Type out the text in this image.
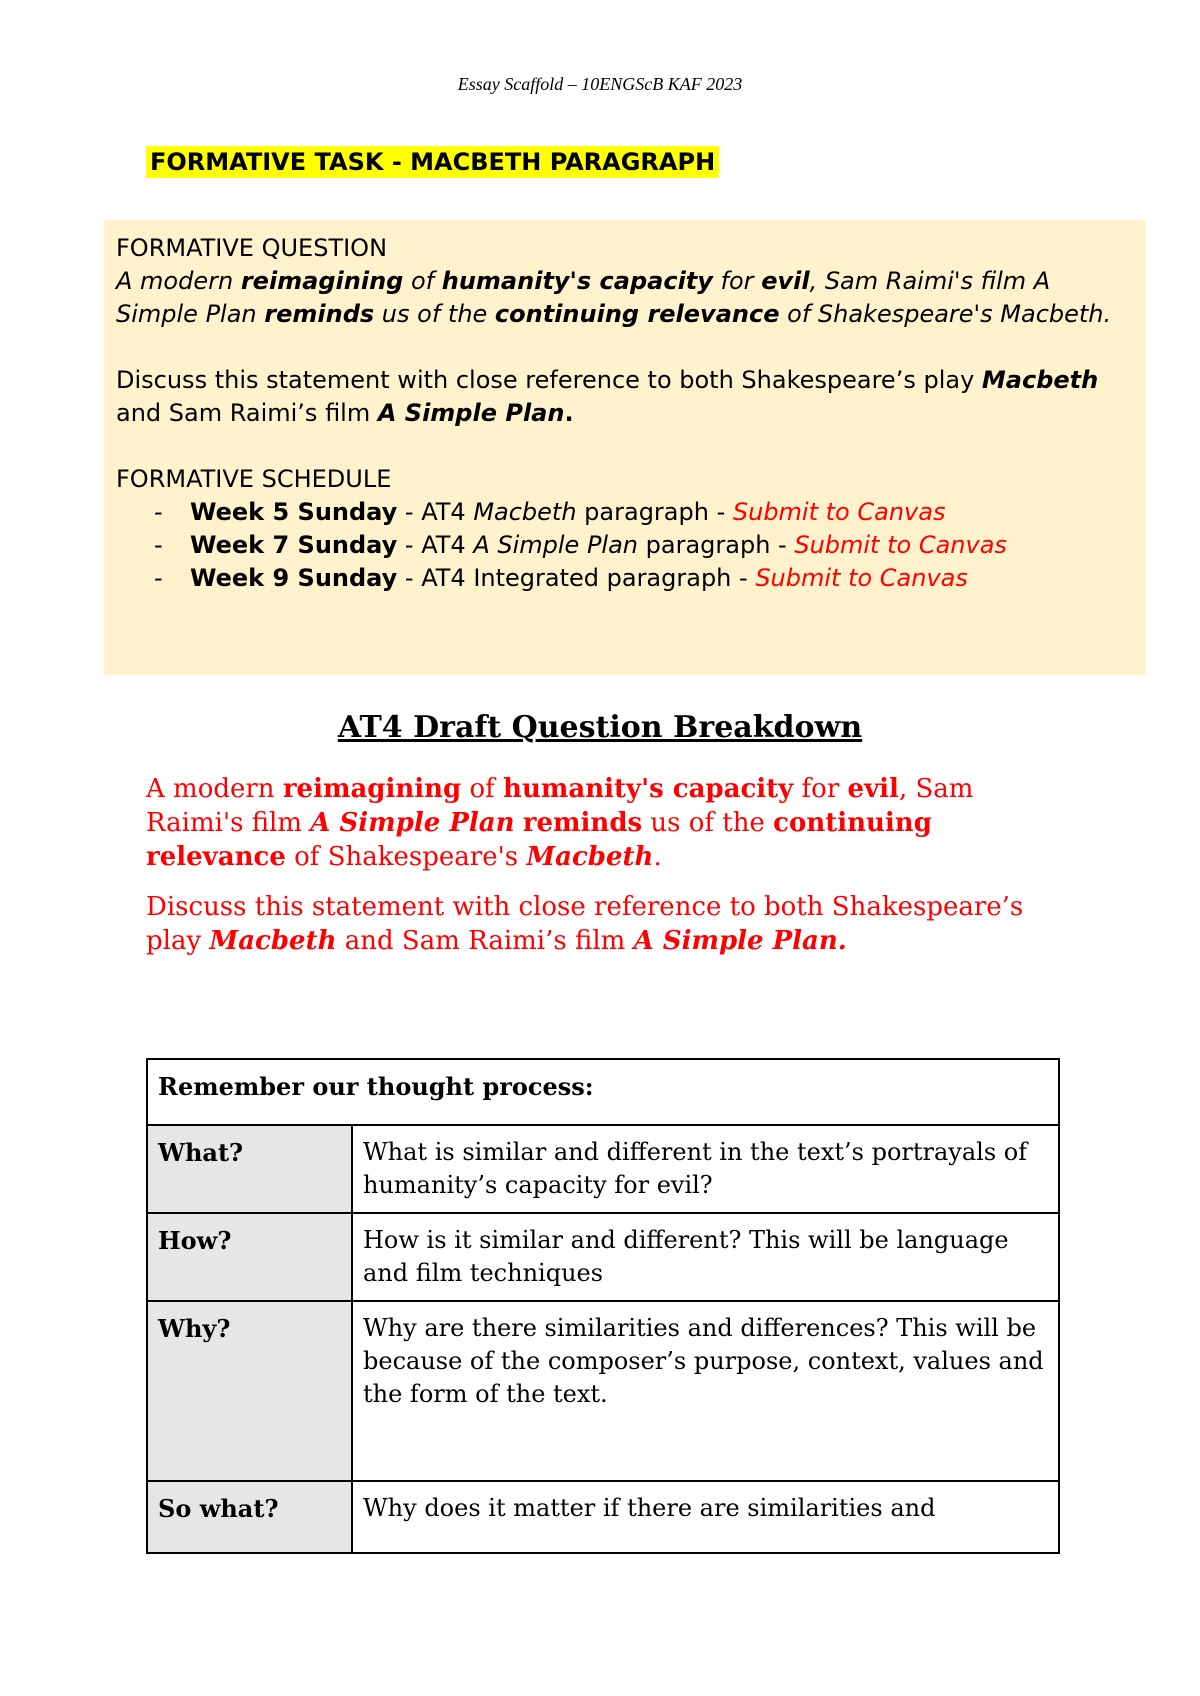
Essay Scaffold – 10ENGScB KAF 2023
FORMATIVE TASK - MACBETH PARAGRAPH

FORMATIVE QUESTION

A modern reimagining of humanity's capacity for evil, Sam Raimi's film A Simple Plan reminds us of the continuing relevance of Shakespeare's Macbeth.

Discuss this statement with close reference to both Shakespeare’s play Macbeth and Sam Raimi’s film A Simple Plan.

FORMATIVE SCHEDULE

- Week 5 Sunday - AT4 Macbeth paragraph - Submit to Canvas
- Week 7 Sunday - AT4 A Simple Plan paragraph - Submit to Canvas
- Week 9 Sunday - AT4 Integrated paragraph - Submit to Canvas
AT4 Draft Question Breakdown

A modern reimagining of humanity's capacity for evil, Sam Raimi's film A Simple Plan reminds us of the continuing relevance of Shakespeare's Macbeth.

Discuss this statement with close reference to both Shakespeare’s play Macbeth and Sam Raimi’s film A Simple Plan.

Remember our thought process:	
What?	What is similar and different in the text’s portrayals of humanity’s capacity for evil?
How?	How is it similar and different? This will be language and film techniques
Why?	Why are there similarities and differences? This will be because of the composer’s purpose, context, values and the form of the text.
So what?	Why does it matter if there are similarities and
